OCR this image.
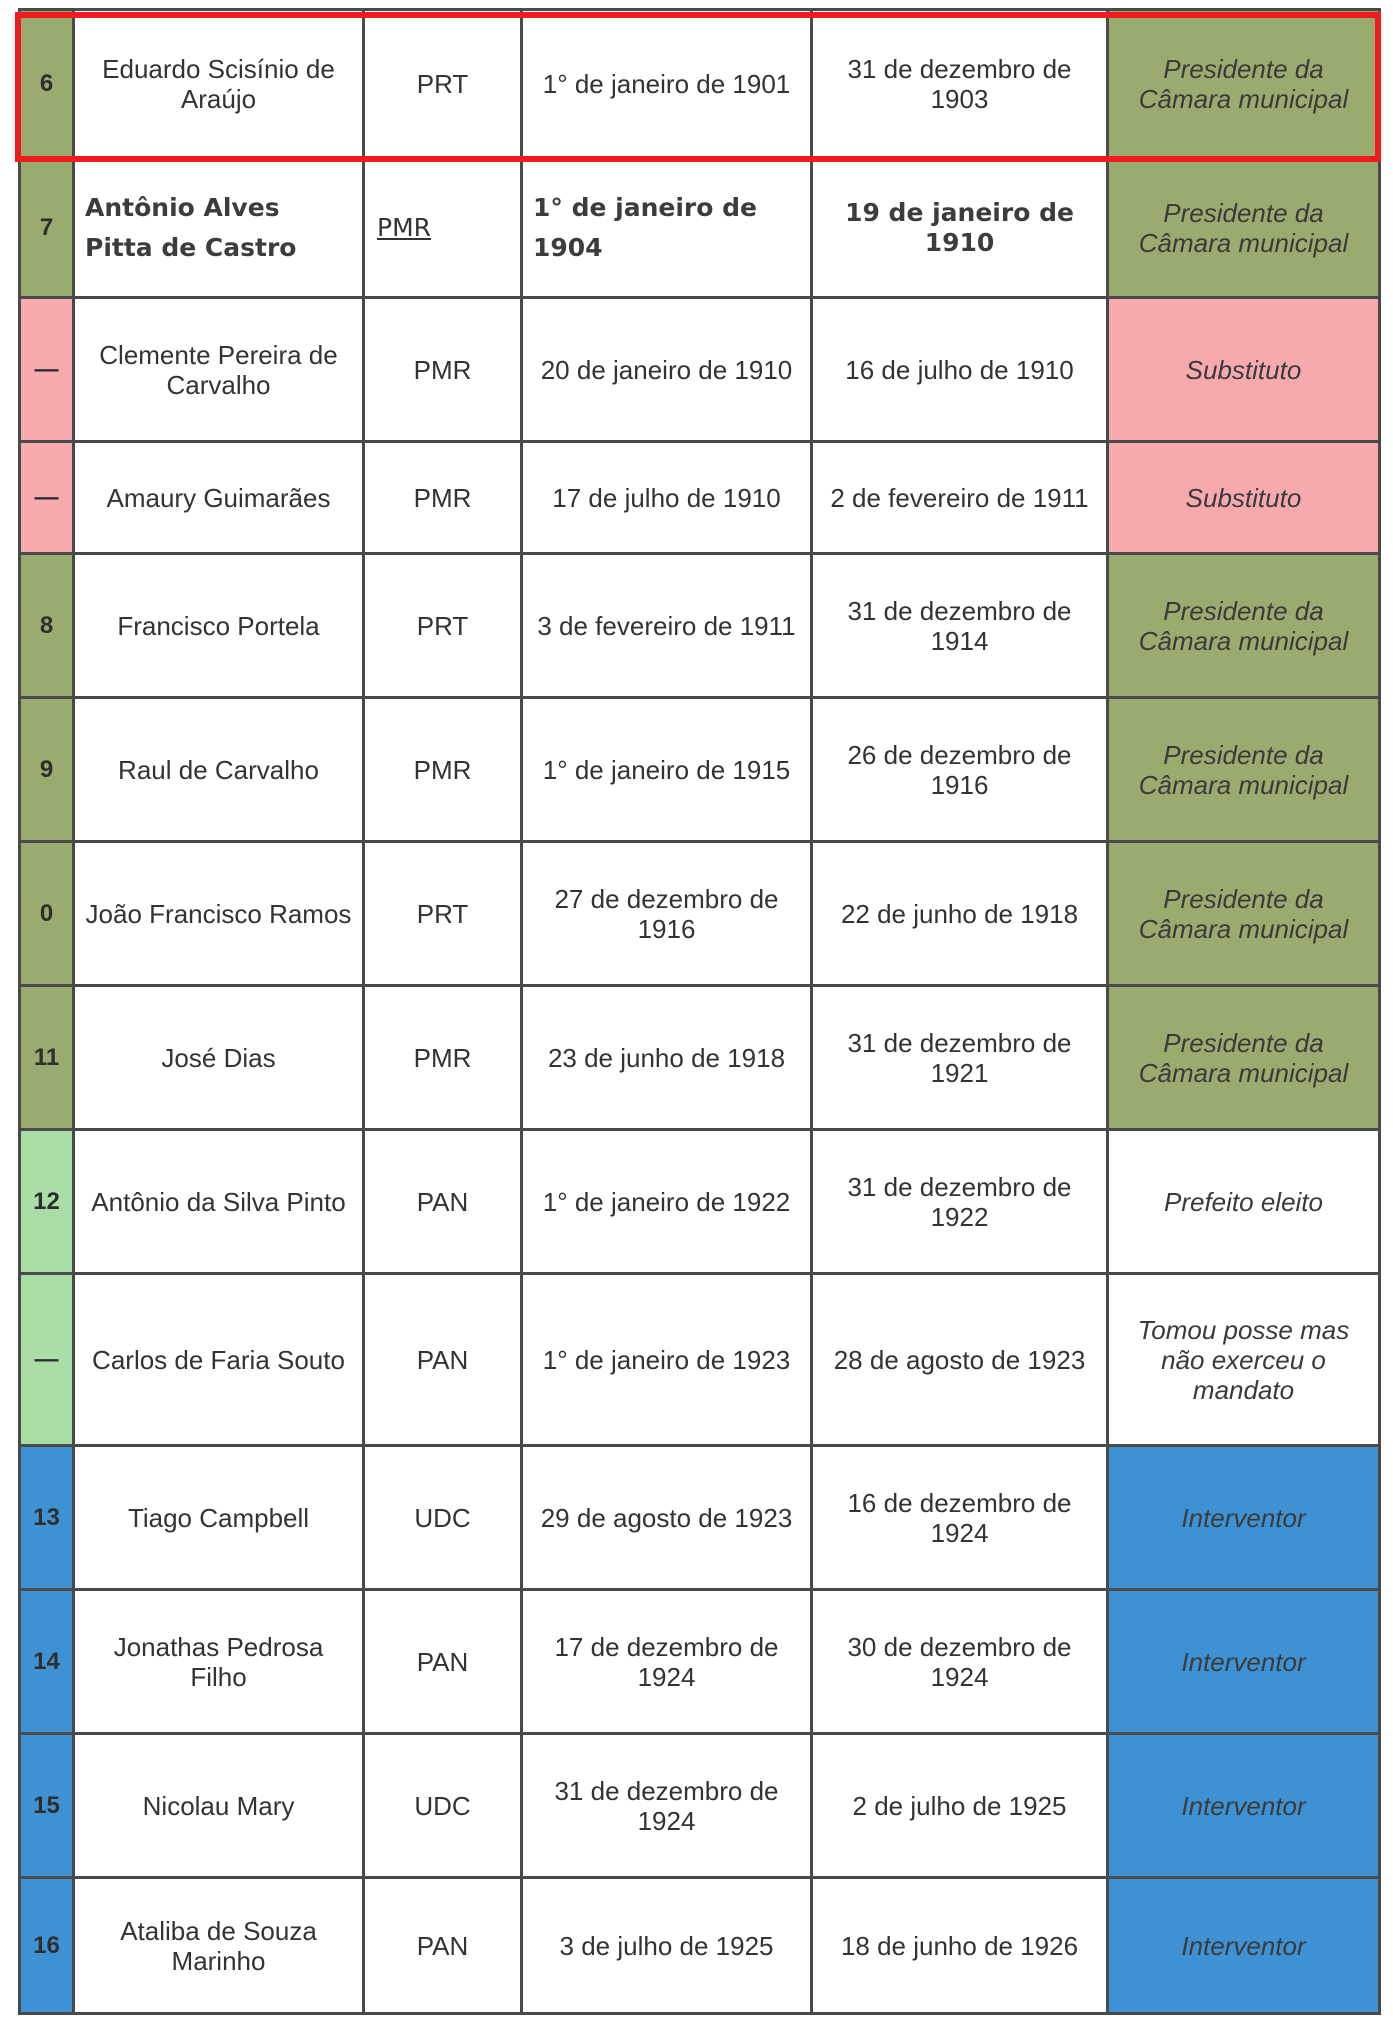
6	Eduardo Scisínio de Araújo	PRT	1° de janeiro de 1901	31 de dezembro de 1903	Presidente da Câmara municipal
7	Antônio Alves Pitta de Castro	PMR	1° de janeiro de 1904	19 de janeiro de 1910	Presidente da Câmara municipal
—	Clemente Pereira de Carvalho	PMR	20 de janeiro de 1910	16 de julho de 1910	Substituto
—	Amaury Guimarães	PMR	17 de julho de 1910	2 de fevereiro de 1911	Substituto
8	Francisco Portela	PRT	3 de fevereiro de 1911	31 de dezembro de 1914	Presidente da Câmara municipal
9	Raul de Carvalho	PMR	1° de janeiro de 1915	26 de dezembro de 1916	Presidente da Câmara municipal
0	João Francisco Ramos	PRT	27 de dezembro de 1916	22 de junho de 1918	Presidente da Câmara municipal
11	José Dias	PMR	23 de junho de 1918	31 de dezembro de 1921	Presidente da Câmara municipal
12	Antônio da Silva Pinto	PAN	1° de janeiro de 1922	31 de dezembro de 1922	Prefeito eleito
—	Carlos de Faria Souto	PAN	1° de janeiro de 1923	28 de agosto de 1923	Tomou posse mas não exerceu o mandato
13	Tiago Campbell	UDC	29 de agosto de 1923	16 de dezembro de 1924	Interventor
14	Jonathas Pedrosa Filho	PAN	17 de dezembro de 1924	30 de dezembro de 1924	Interventor
15	Nicolau Mary	UDC	31 de dezembro de 1924	2 de julho de 1925	Interventor
16	Ataliba de Souza Marinho	PAN	3 de julho de 1925	18 de junho de 1926	Interventor
